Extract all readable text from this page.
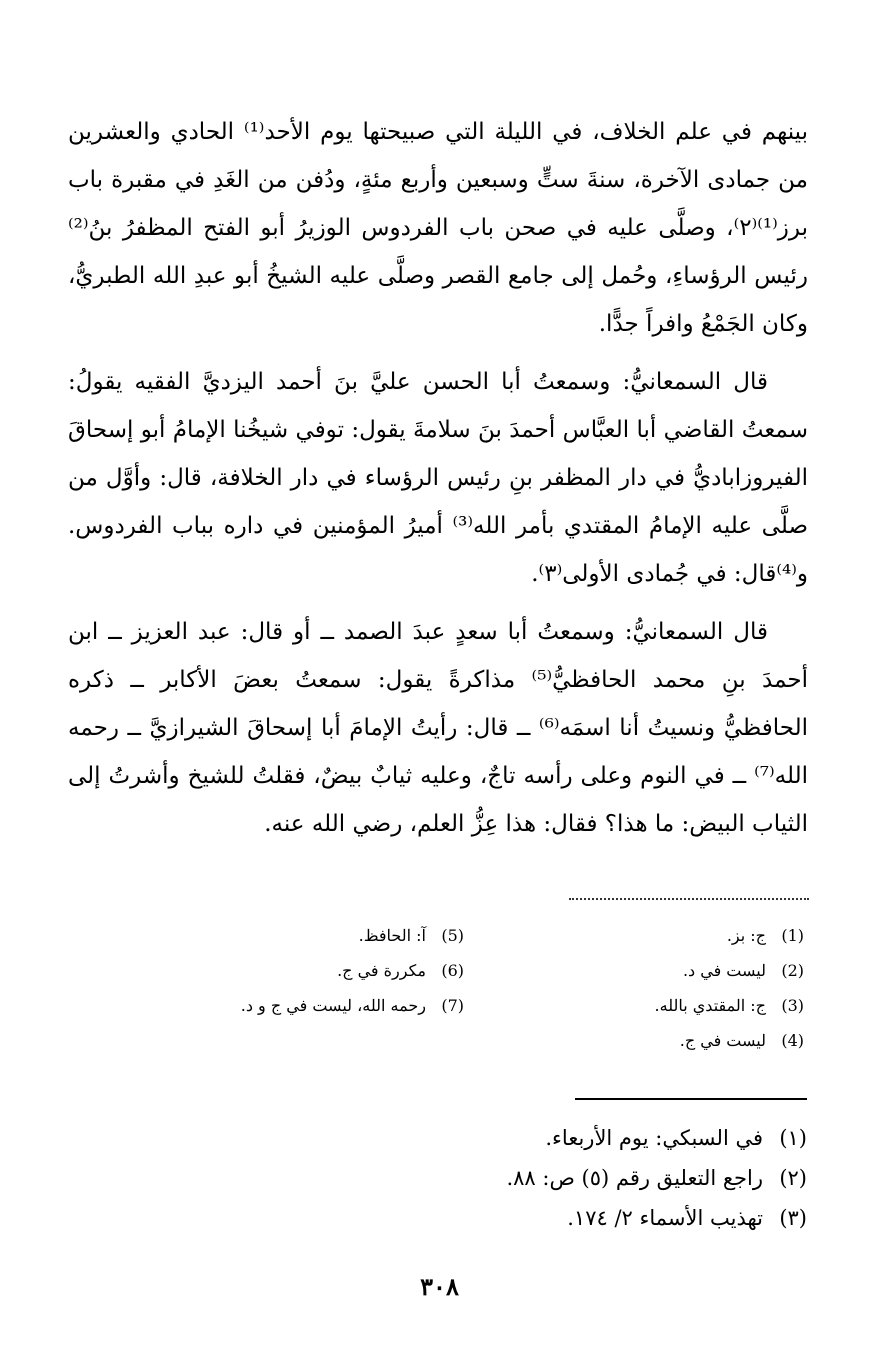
بينهم في علم الخلاف، في الليلة التي صبيحتها يوم الأحد⁽¹⁾ الحادي والعشرين من جمادى الآخرة، سنةَ ستٍّ وسبعين وأربع مئةٍ، ودُفن من الغَدِ في مقبرة باب برز⁽¹⁾⁽٢⁾، وصلَّى عليه في صحن باب الفردوس الوزيرُ أبو الفتح المظفرُ بنُ⁽²⁾ رئيس الرؤساءِ، وحُمل إلى جامع القصر وصلَّى عليه الشيخُ أبو عبدِ الله الطبريُّ، وكان الجَمْعُ وافراً جدًّا.

قال السمعانيُّ: وسمعتُ أبا الحسن عليَّ بنَ أحمد اليزديَّ الفقيه يقولُ: سمعتُ القاضي أبا العبَّاس أحمدَ بنَ سلامةَ يقول: توفي شيخُنا الإمامُ أبو إسحاقَ الفيروزاباديُّ في دار المظفر بنِ رئيس الرؤساء في دار الخلافة، قال: وأوَّل من صلَّى عليه الإمامُ المقتدي بأمر الله⁽³⁾ أميرُ المؤمنين في داره بباب الفردوس. و⁽⁴⁾قال: في جُمادى الأولى⁽٣⁾.

قال السمعانيُّ: وسمعتُ أبا سعدٍ عبدَ الصمد ــ أو قال: عبد العزيز ــ ابن أحمدَ بنِ محمد الحافظيُّ⁽⁵⁾ مذاكرةً يقول: سمعتُ بعضَ الأكابر ــ ذكره الحافظيُّ ونسيتُ أنا اسمَه⁽⁶⁾ ــ قال: رأيتُ الإمامَ أبا إسحاقَ الشيرازيَّ ــ رحمه الله⁽⁷⁾ ــ في النوم وعلى رأسه تاجٌ، وعليه ثيابٌ بيضٌ، فقلتُ للشيخ وأشرتُ إلى الثياب البيض: ما هذا؟ فقال: هذا عِزُّ العلم، رضي الله عنه.

(1)
ج: بز.
(2)
ليست في د.
(3)
ج: المقتدي بالله.
(4)
ليست في ج.
(5)
آ: الحافظ.
(6)
مكررة في ج.
(7)
رحمه الله، ليست في ج و د.
(١)
في السبكي: يوم الأربعاء.
(٢)
راجع التعليق رقم (٥) ص: ٨٨.
(٣)
تهذيب الأسماء ٢/ ١٧٤.
٣٠٨
